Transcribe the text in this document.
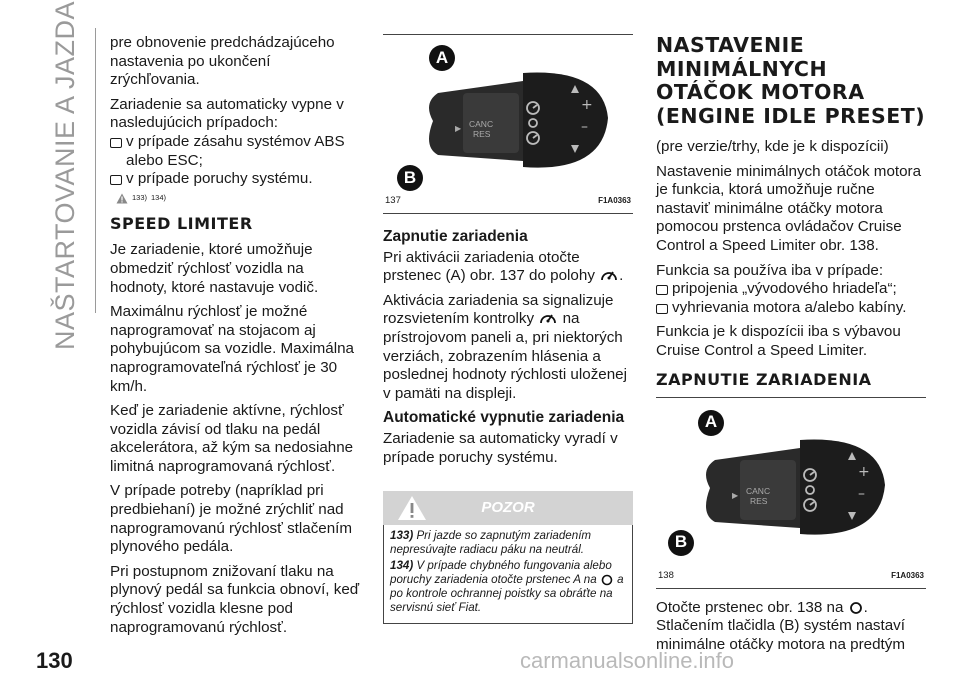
NAŠTARTOVANIE A JAZDA pre obnovenie predchádzajúceho nastavenia po ukončení zrýchľovania.

Zariadenie sa automaticky vypne v nasledujúcich prípadoch:

v prípade zásahu systémov ABS alebo ESC;
v prípade poruchy systému.
133) 134)
SPEED LIMITER

Je zariadenie, ktoré umožňuje obmedziť rýchlosť vozidla na hodnoty, ktoré nastavuje vodič.

Maximálnu rýchlosť je možné naprogramovať na stojacom aj pohybujúcom sa vozidle. Maximálna naprogramovateľná rýchlosť je 30 km/h.

Keď je zariadenie aktívne, rýchlosť vozidla závisí od tlaku na pedál akcelerátora, až kým sa nedosiahne limitná naprogramovaná rýchlosť.

V prípade potreby (napríklad pri predbiehaní) je možné zrýchliť nad naprogramovanú rýchlosť stlačením plynového pedála.

Pri postupnom znižovaní tlaku na plynový pedál sa funkcia obnoví, keď rýchlosť vozidla klesne pod naprogramovanú rýchlosť.

+
–
▶ CANC
RES
A
B
137	F1A0363
Zapnutie zariadenia

Pri aktivácii zariadenia otočte prstenec (A) obr. 137 do polohy .

Aktivácia zariadenia sa signalizuje rozsvietením kontrolky na prístrojovom paneli a, pri niektorých verziách, zobrazením hlásenia a poslednej hodnoty rýchlosti uloženej v pamäti na displeji.

Automatické vypnutie zariadenia

Zariadenie sa automaticky vyradí v prípade poruchy systému.

POZOR

133) Pri jazde so zapnutým zariadením nepresúvajte radiacu páku na neutrál.

134) V prípade chybného fungovania alebo poruchy zariadenia otočte prstenec A na a po kontrole ochrannej poistky sa obráťte na servisnú sieť Fiat.

NASTAVENIE MINIMÁLNYCH OTÁČOK MOTORA (ENGINE IDLE PRESET)

(pre verzie/trhy, kde je k dispozícii)

Nastavenie minimálnych otáčok motora je funkcia, ktorá umožňuje ručne nastaviť minimálne otáčky motora pomocou prstenca ovládačov Cruise Control a Speed Limiter obr. 138.

Funkcia sa používa iba v prípade:

pripojenia „vývodového hriadeľa“;
vyhrievania motora a/alebo kabíny.

Funkcia je k dispozícii iba s výbavou Cruise Control a Speed Limiter.

ZAPNUTIE ZARIADENIA
+
–
▶ CANC
RES
A
B
138	F1A0363

Otočte prstenec obr. 138 na .

Stlačením tlačidla (B) systém nastaví minimálne otáčky motora na predtým

130	carmanualsonline.info
